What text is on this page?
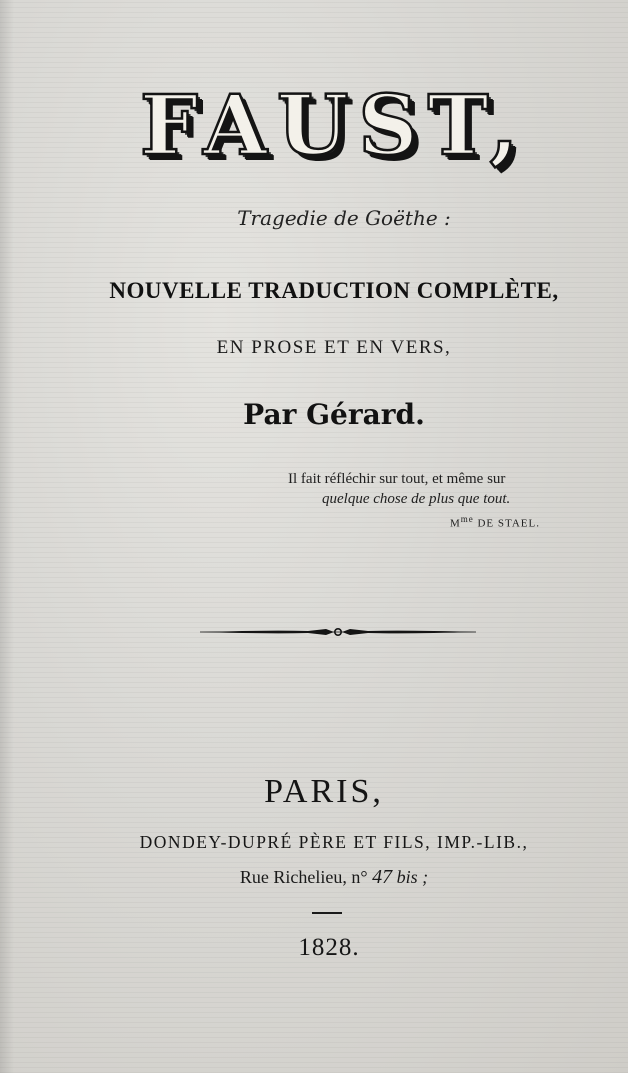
FAUST,
Tragedie de Goëthe :
NOUVELLE TRADUCTION COMPLÈTE,
EN PROSE ET EN VERS,
Par Gérard.
Il fait réfléchir sur tout, et même sur
quelque chose de plus que tout.
$M^{me}$ DE STAEL.
PARIS,
DONDEY-DUPRÉ PÈRE ET FILS, IMP.-LIB.,
Rue Richelieu, n° 47 bis ;
1828.
